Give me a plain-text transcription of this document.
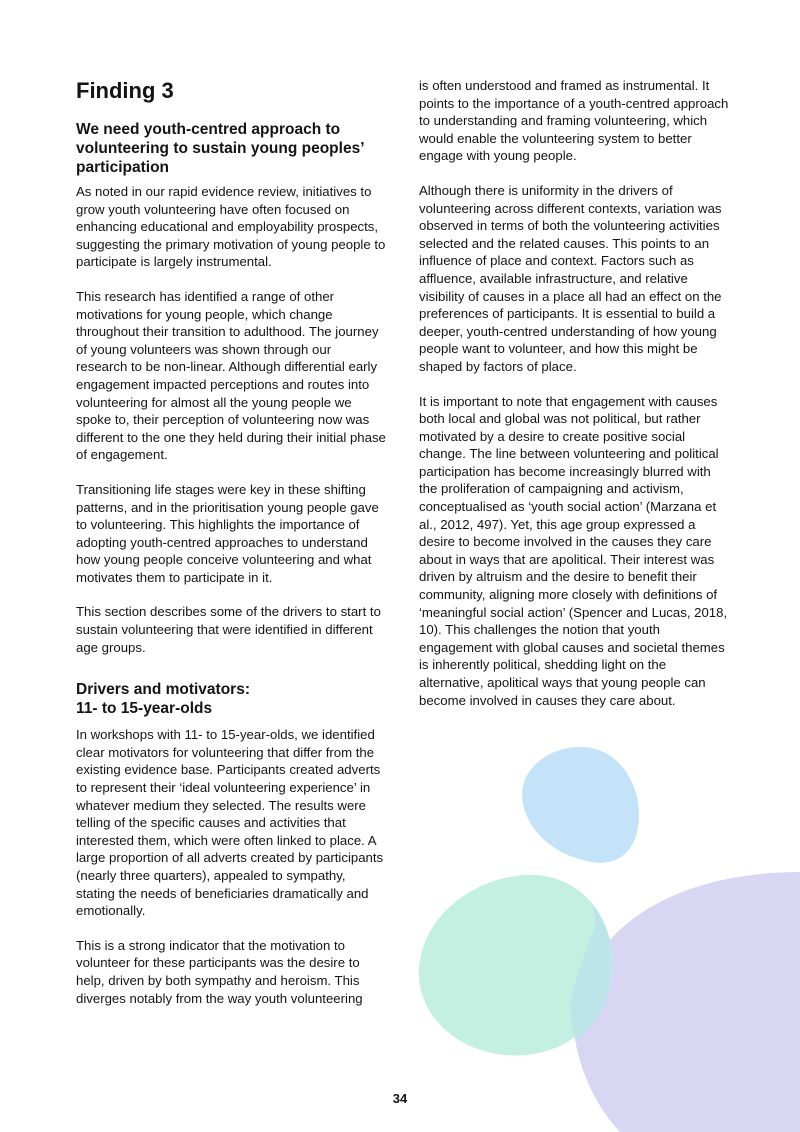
Finding 3
We need youth-centred approach to volunteering to sustain young peoples’ participation

As noted in our rapid evidence review, initiatives to grow youth volunteering have often focused on enhancing educational and employability prospects, suggesting the primary motivation of young people to participate is largely instrumental.

This research has identified a range of other motivations for young people, which change throughout their transition to adulthood. The journey of young volunteers was shown through our research to be non-linear. Although differential early engagement impacted perceptions and routes into volunteering for almost all the young people we spoke to, their perception of volunteering now was different to the one they held during their initial phase of engagement.

Transitioning life stages were key in these shifting patterns, and in the prioritisation young people gave to volunteering. This highlights the importance of adopting youth-centred approaches to understand how young people conceive volunteering and what motivates them to participate in it.

This section describes some of the drivers to start to sustain volunteering that were identified in different age groups.

Drivers and motivators:
11- to 15-year-olds

In workshops with 11- to 15-year-olds, we identified clear motivators for volunteering that differ from the existing evidence base. Participants created adverts to represent their ‘ideal volunteering experience’ in whatever medium they selected. The results were telling of the specific causes and activities that interested them, which were often linked to place. A large proportion of all adverts created by participants (nearly three quarters), appealed to sympathy, stating the needs of beneficiaries dramatically and emotionally.

This is a strong indicator that the motivation to volunteer for these participants was the desire to help, driven by both sympathy and heroism. This diverges notably from the way youth volunteering

is often understood and framed as instrumental. It points to the importance of a youth-centred approach to understanding and framing volunteering, which would enable the volunteering system to better engage with young people.

Although there is uniformity in the drivers of volunteering across different contexts, variation was observed in terms of both the volunteering activities selected and the related causes. This points to an influence of place and context. Factors such as affluence, available infrastructure, and relative visibility of causes in a place all had an effect on the preferences of participants. It is essential to build a deeper, youth-centred understanding of how young people want to volunteer, and how this might be shaped by factors of place.

It is important to note that engagement with causes both local and global was not political, but rather motivated by a desire to create positive social change. The line between volunteering and political participation has become increasingly blurred with the proliferation of campaigning and activism, conceptualised as ‘youth social action’ (Marzana et al., 2012, 497). Yet, this age group expressed a desire to become involved in the causes they care about in ways that are apolitical. Their interest was driven by altruism and the desire to benefit their community, aligning more closely with definitions of ‘meaningful social action’ (Spencer and Lucas, 2018, 10). This challenges the notion that youth engagement with global causes and societal themes is inherently political, shedding light on the alternative, apolitical ways that young people can become involved in causes they care about.

34
